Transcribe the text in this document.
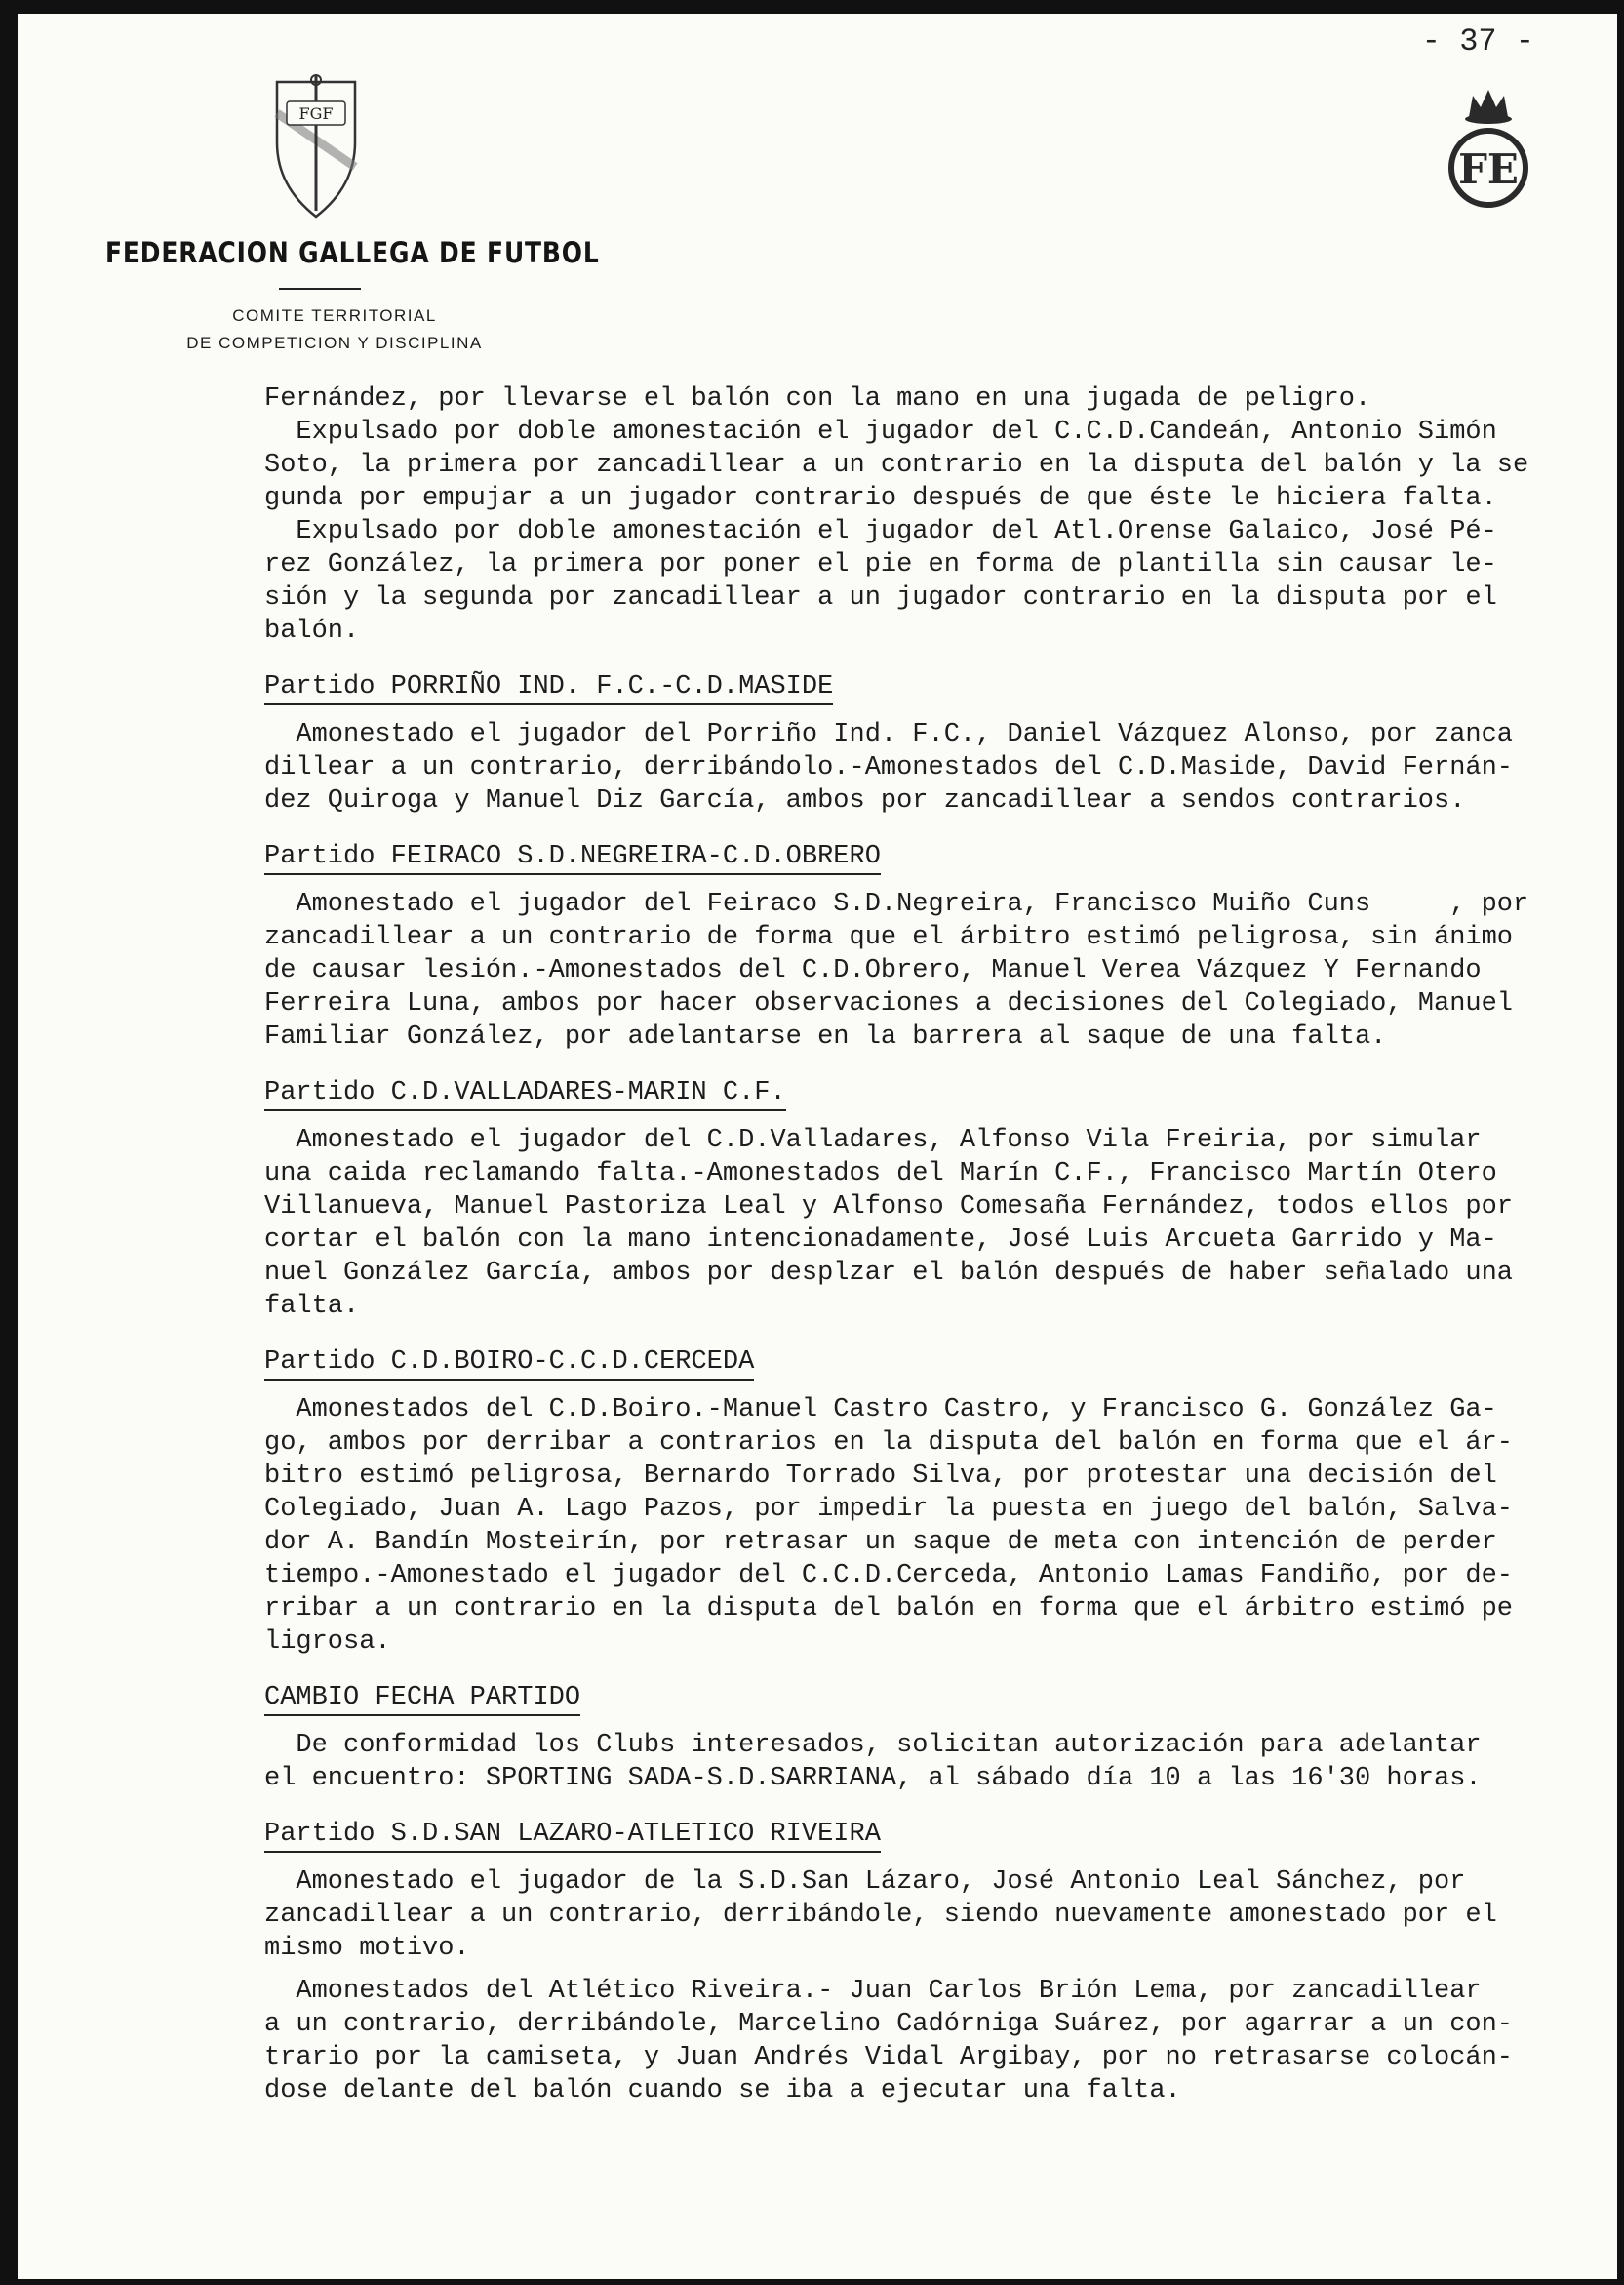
- 37 -
FGF
FEDERACION GALLEGA DE FUTBOL
COMITE TERRITORIAL
DE COMPETICION Y DISCIPLINA
FE
Fernández, por llevarse el balón con la mano en una jugada de peligro.
Expulsado por doble amonestación el jugador del C.C.D.Candeán, Antonio Simón
Soto, la primera por zancadillear a un contrario en la disputa del balón y la se
gunda por empujar a un jugador contrario después de que éste le hiciera falta.
Expulsado por doble amonestación el jugador del Atl.Orense Galaico, José Pé-
rez González, la primera por poner el pie en forma de plantilla sin causar le-
sión y la segunda por zancadillear a un jugador contrario en la disputa por el
balón.
Partido PORRIÑO IND. F.C.-C.D.MASIDE
Amonestado el jugador del Porriño Ind. F.C., Daniel Vázquez Alonso, por zanca
dillear a un contrario, derribándolo.-Amonestados del C.D.Maside, David Fernán-
dez Quiroga y Manuel Diz García, ambos por zancadillear a sendos contrarios.
Partido FEIRACO S.D.NEGREIRA-C.D.OBRERO
Amonestado el jugador del Feiraco S.D.Negreira, Francisco Muiño Cuns     , por
zancadillear a un contrario de forma que el árbitro estimó peligrosa, sin ánimo
de causar lesión.-Amonestados del C.D.Obrero, Manuel Verea Vázquez Y Fernando
Ferreira Luna, ambos por hacer observaciones a decisiones del Colegiado, Manuel
Familiar González, por adelantarse en la barrera al saque de una falta.
Partido C.D.VALLADARES-MARIN C.F.
Amonestado el jugador del C.D.Valladares, Alfonso Vila Freiria, por simular
una caida reclamando falta.-Amonestados del Marín C.F., Francisco Martín Otero
Villanueva, Manuel Pastoriza Leal y Alfonso Comesaña Fernández, todos ellos por
cortar el balón con la mano intencionadamente, José Luis Arcueta Garrido y Ma-
nuel González García, ambos por desplzar el balón después de haber señalado una
falta.
Partido C.D.BOIRO-C.C.D.CERCEDA
Amonestados del C.D.Boiro.-Manuel Castro Castro, y Francisco G. González Ga-
go, ambos por derribar a contrarios en la disputa del balón en forma que el ár-
bitro estimó peligrosa, Bernardo Torrado Silva, por protestar una decisión del
Colegiado, Juan A. Lago Pazos, por impedir la puesta en juego del balón, Salva-
dor A. Bandín Mosteirín, por retrasar un saque de meta con intención de perder
tiempo.-Amonestado el jugador del C.C.D.Cerceda, Antonio Lamas Fandiño, por de-
rribar a un contrario en la disputa del balón en forma que el árbitro estimó pe
ligrosa.
CAMBIO FECHA PARTIDO
De conformidad los Clubs interesados, solicitan autorización para adelantar
el encuentro: SPORTING SADA-S.D.SARRIANA, al sábado día 10 a las 16'30 horas.
Partido S.D.SAN LAZARO-ATLETICO RIVEIRA
Amonestado el jugador de la S.D.San Lázaro, José Antonio Leal Sánchez, por
zancadillear a un contrario, derribándole, siendo nuevamente amonestado por el
mismo motivo.
Amonestados del Atlético Riveira.- Juan Carlos Brión Lema, por zancadillear
a un contrario, derribándole, Marcelino Cadórniga Suárez, por agarrar a un con-
trario por la camiseta, y Juan Andrés Vidal Argibay, por no retrasarse colocán-
dose delante del balón cuando se iba a ejecutar una falta.
